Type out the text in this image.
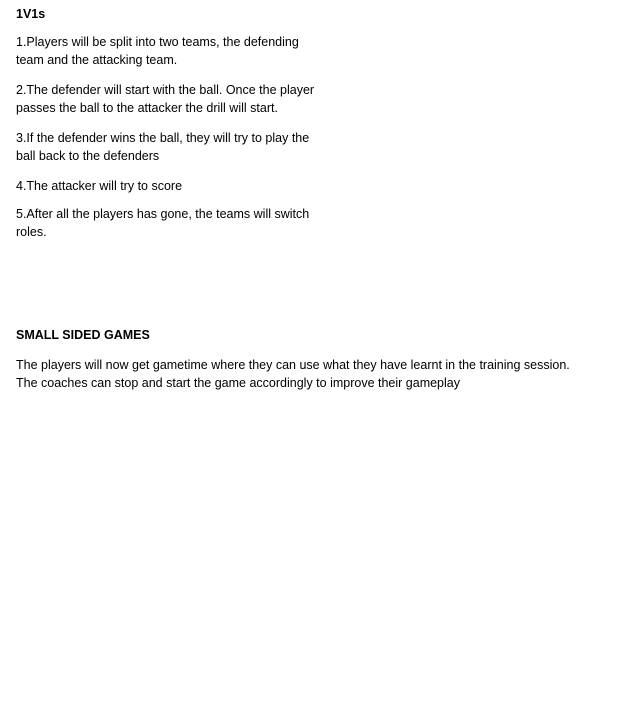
1V1s

1.Players will be split into two teams, the defending team and the attacking team.

2.The defender will start with the ball. Once the player passes the ball to the attacker the drill will start.

3.If the defender wins the ball, they will try to play the ball back to the defenders

4.The attacker will try to score

5.After all the players has gone, the teams will switch roles.

SMALL SIDED GAMES

The players will now get gametime where they can use what they have learnt in the training session.

The coaches can stop and start the game accordingly to improve their gameplay
